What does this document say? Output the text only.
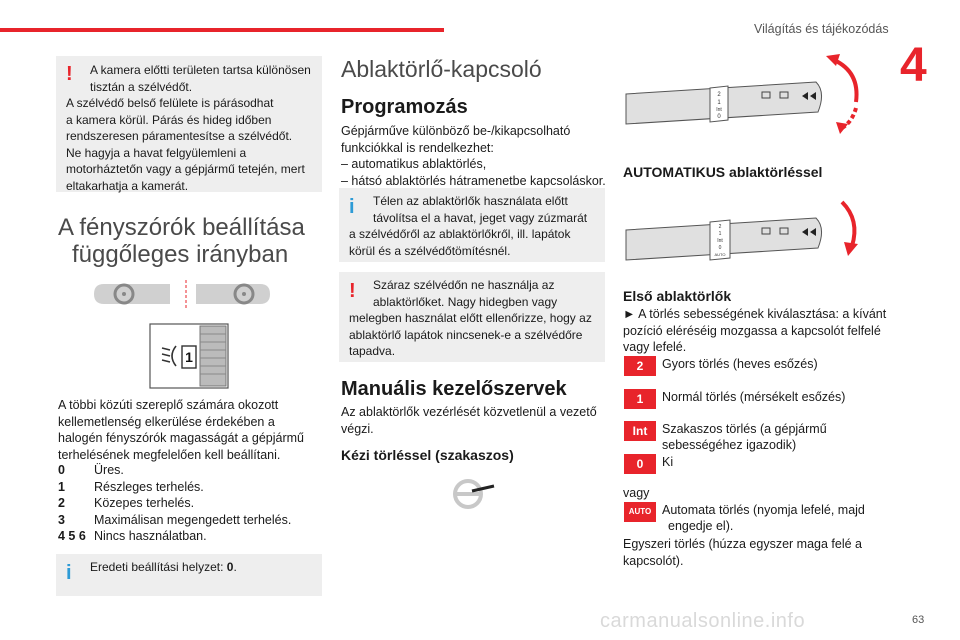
Világítás és tájékozódás
4
!	A kamera előtti területen tartsa különösen
tisztán a szélvédőt.
A szélvédő belső felülete is párásodhat
a kamera körül. Párás és hideg időben
rendszeresen páramentesítse a szélvédőt.
Ne hagyja a havat felgyülemleni a
motorháztetőn vagy a gépjármű tetején, mert
eltakarhatja a kamerát.
A fényszórók beállítása
függőleges irányban
1
A többi közúti szereplő számára okozott
kellemetlenség elkerülése érdekében a
halogén fényszórók magasságát a gépjármű
terhelésének megfelelően kell beállítani.
0	Üres.
1	Részleges terhelés.
2	Közepes terhelés.
3	Maximálisan megengedett terhelés.
4 5 6 Nincs használatban.
i	Eredeti beállítási helyzet: 0.
Ablaktörlő-kapcsoló
Programozás
Gépjárműve különböző be-/kikapcsolható
funkciókkal is rendelkezhet:
– automatikus ablaktörlés,
– hátsó ablaktörlés hátramenetbe kapcsoláskor.
i	Télen az ablaktörlők használata előtt
távolítsa el a havat, jeget vagy zúzmarát
a szélvédőről az ablaktörlőkről, ill. lapátok
körül és a szélvédőtömítésnél.
!	Száraz szélvédőn ne használja az
ablaktörlőket. Nagy hidegben vagy
melegben használat előtt ellenőrizze, hogy az
ablaktörlő lapátok nincsenek-e a szélvédőre
tapadva.
Manuális kezelőszervek
Az ablaktörlők vezérlését közvetlenül a vezető
végzi.
Kézi törléssel (szakaszos)
2
1
Int
0
AUTOMATIKUS ablaktörléssel
2
1
Int
0
AUTO
Első ablaktörlők
► A törlés sebességének kiválasztása: a kívánt
pozíció eléréséig mozgassa a kapcsolót felfelé
vagy lefelé.
2	Gyors törlés (heves esőzés)
1	Normál törlés (mérsékelt esőzés)
Int	Szakaszos törlés (a gépjármű
sebességéhez igazodik)
0	Ki
vagy
AUTO Automata törlés (nyomja lefelé, majd
engedje el).
Egyszeri törlés (húzza egyszer maga felé a
kapcsolót).
carmanualsonline.info	63
